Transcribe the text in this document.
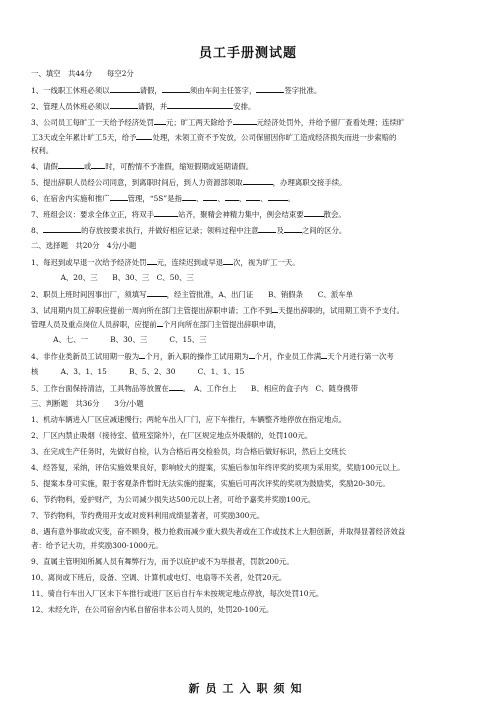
员工手册测试题
一、填空　共44分　　每空2分
1、一线职工休班必须以	请假，	须由车间主任签字，	签字批准。
2、管理人员休班必须以	请假，并	安排。
3、公司员工每旷工一天给予经济处罚 元；旷工两天除给予	元经济处罚外，并给予留厂查看处理；连续旷
工3天或全年累计旷工5天，给予 处理，未领工资不予发放，公司保留因你旷工造成经济损失而进一步索赔的
权利。
4、请假	或 时，可酌情不予准假，缩短假期或延期请假。
5、提出辞职人员经公司同意，到离职时间后，到人力资源部领取	，办理离职交接手续。
6、在宿舍内实施和推广 管理，“5S”是指 、 、 、 、	。
7、班组会议：要求全体立正，将双手	站齐，聚精会神精力集中，例会结束要	散会。
8、	的存放按要求执行，并做好相应记录；领料过程中注意 及 之间的区分。
二、选择题　共20分　4分/小题
1、每迟到或早退一次给予经济处罚 元，连续迟到或早退 次，视为旷工一天。
　　　　A、20、三　　B、30、三　C、50、三
2、职员上班时间因事出厂，须填写	，经主管批准，A、出门证　　B、销假条　　C、派车单
3、试用期内员工辞职应提前一周向所在部门主管提出辞职申请；工作不到 天提出辞职的，试用期工资不予支付。
管理人员及重点岗位人员辞职，应提前 个月向所在部门主管提出辞职申请，
　　　A、七、一　　　B、30、三　　　C、15、三
4、非作业类新员工试用期一般为 个月，新入职的操作工试用期为 个月，作业员工作满 天个月进行第一次考
核　　　A、3、1、15　　　B、5、2、30　　　C、1、1、15
5、工作台面保持清洁，工具物品等放置在 。　A、工作台上　　B、相应的盒子内　C、随身携带
三、判断题　共36分　　3分/小题
1、机动车辆进入厂区应减速慢行；两轮车出入厂门，应下车推行，车辆整齐地停放在指定地点。
2、厂区内禁止吸烟（接待室、值班室除外），在厂区规定地点外吸烟的，处罚100元。
3、在完成生产任务时，先做好自检，认为合格后再交检验员，均合格后做好标识，然后上交班长
4、经答复，采纳，评估实施效果良好，影响较大的提案，实施后参加年终评奖的奖项为采用奖，奖励100元以上。
5、提案本身可实施，限于客观条件暂时无法实施的提案，实施后可再次评奖的奖项为鼓励奖，奖励20-30元。
6、节约物料，爱护财产，为公司减少损失达500元以上者，可给予嘉奖并奖励100元。
7、节约物料，节约费用开支或对废料利用成绩显著者，可奖励300元。
8、遇有意外事故或灾变，奋不顾身，极力抢救而减少重大损失者或在工作或技术上大胆创新，并取得显著经济效益
者：给予记大功，并奖励300-1000元。
9、直属主管明知所属人员有舞弊行为，而予以庇护或不为举报者，罚款200元。
10、离岗或下班后，设备、空调、计算机或电灯、电扇等不关者，处罚20元。
11、骑自行车出入厂区未下车推行或进厂区后自行车未按规定地点停放，每次处罚10元。
12、未经允许，在公司宿舍内私自留宿非本公司人员的，处罚20-100元。
新员工入职须知
